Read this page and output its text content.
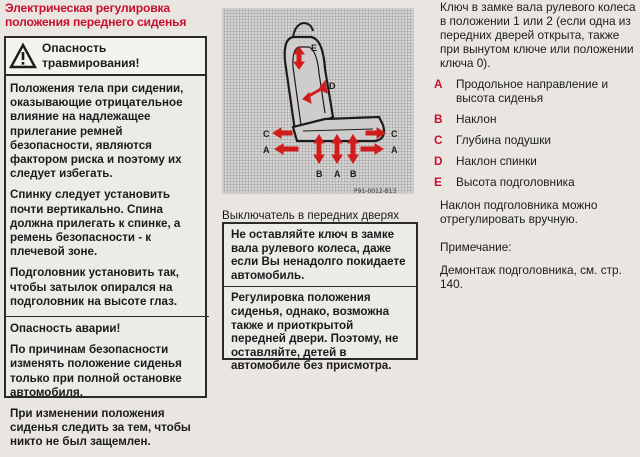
Электрическая регулировка положения переднего сиденья
Опасность травмирования!

Положения тела при сидении, оказывающие отрицательное влияние на надлежащее прилегание ремней безопасности, являются фактором риска и поэтому их следует избегать.

Спинку следует установить почти вертикально. Спина должна прилегать к спинке, а ремень безопасности - к плечевой зоне.

Подголовник установить так, чтобы затылок опирался на подголовник на высоте глаз.

Опасность аварии!

По причинам безопасности изменять положение сиденья только при полной остановке автомобиля.

При изменении положения сиденья следить за тем, чтобы никто не был защемлен.

E
D
C	C
A	A
B A B
P91-0012-B13
Выключатель в передних дверях

Не оставляйте ключ в замке вала рулевого колеса, даже если Вы ненадолго покидаете автомобиль.

Регулировка положения сиденья, однако, возможна также и приоткрытой передней двери. Поэтому, не оставляйте, детей в автомобиле без присмотра.

Ключ в замке вала рулевого колеса в положении 1 или 2 (если одна из передних дверей открыта, также при вынутом ключе или положении ключа 0).

A Продольное направление и высота сиденья
B Наклон
C Глубина подушки
D Наклон спинки
E Высота подголовника

Наклон подголовника можно отрегулировать вручную.

Примечание:

Демонтаж подголовника, см. стр. 140.
